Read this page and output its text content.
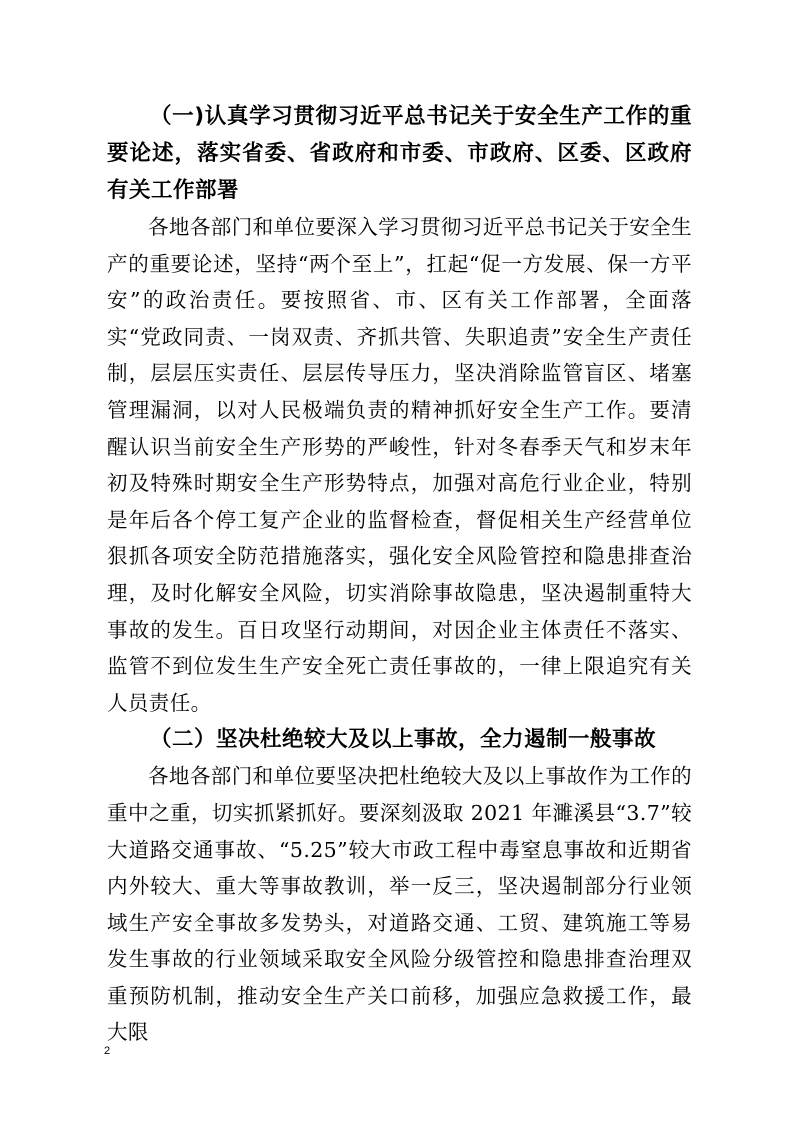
（一)认真学习贯彻习近平总书记关于安全生产工作的重要论述，落实省委、省政府和市委、市政府、区委、区政府有关工作部署

各地各部门和单位要深入学习贯彻习近平总书记关于安全生产的重要论述，坚持“两个至上”，扛起“促一方发展、保一方平安”的政治责任。要按照省、市、区有关工作部署，全面落实“党政同责、一岗双责、齐抓共管、失职追责”安全生产责任制，层层压实责任、层层传导压力，坚决消除监管盲区、堵塞管理漏洞，以对人民极端负责的精神抓好安全生产工作。要清醒认识当前安全生产形势的严峻性，针对冬春季天气和岁末年初及特殊时期安全生产形势特点，加强对高危行业企业，特别是年后各个停工复产企业的监督检查，督促相关生产经营单位狠抓各项安全防范措施落实，强化安全风险管控和隐患排查治理，及时化解安全风险，切实消除事故隐患，坚决遏制重特大事故的发生。百日攻坚行动期间，对因企业主体责任不落实、监管不到位发生生产安全死亡责任事故的，一律上限追究有关人员责任。

（二）坚决杜绝较大及以上事故，全力遏制一般事故

各地各部门和单位要坚决把杜绝较大及以上事故作为工作的重中之重，切实抓紧抓好。要深刻汲取 2021 年濉溪县“3.7”较大道路交通事故、“5.25”较大市政工程中毒窒息事故和近期省内外较大、重大等事故教训，举一反三，坚决遏制部分行业领域生产安全事故多发势头，对道路交通、工贸、建筑施工等易发生事故的行业领域采取安全风险分级管控和隐患排查治理双重预防机制，推动安全生产关口前移，加强应急救援工作，最大限

2
